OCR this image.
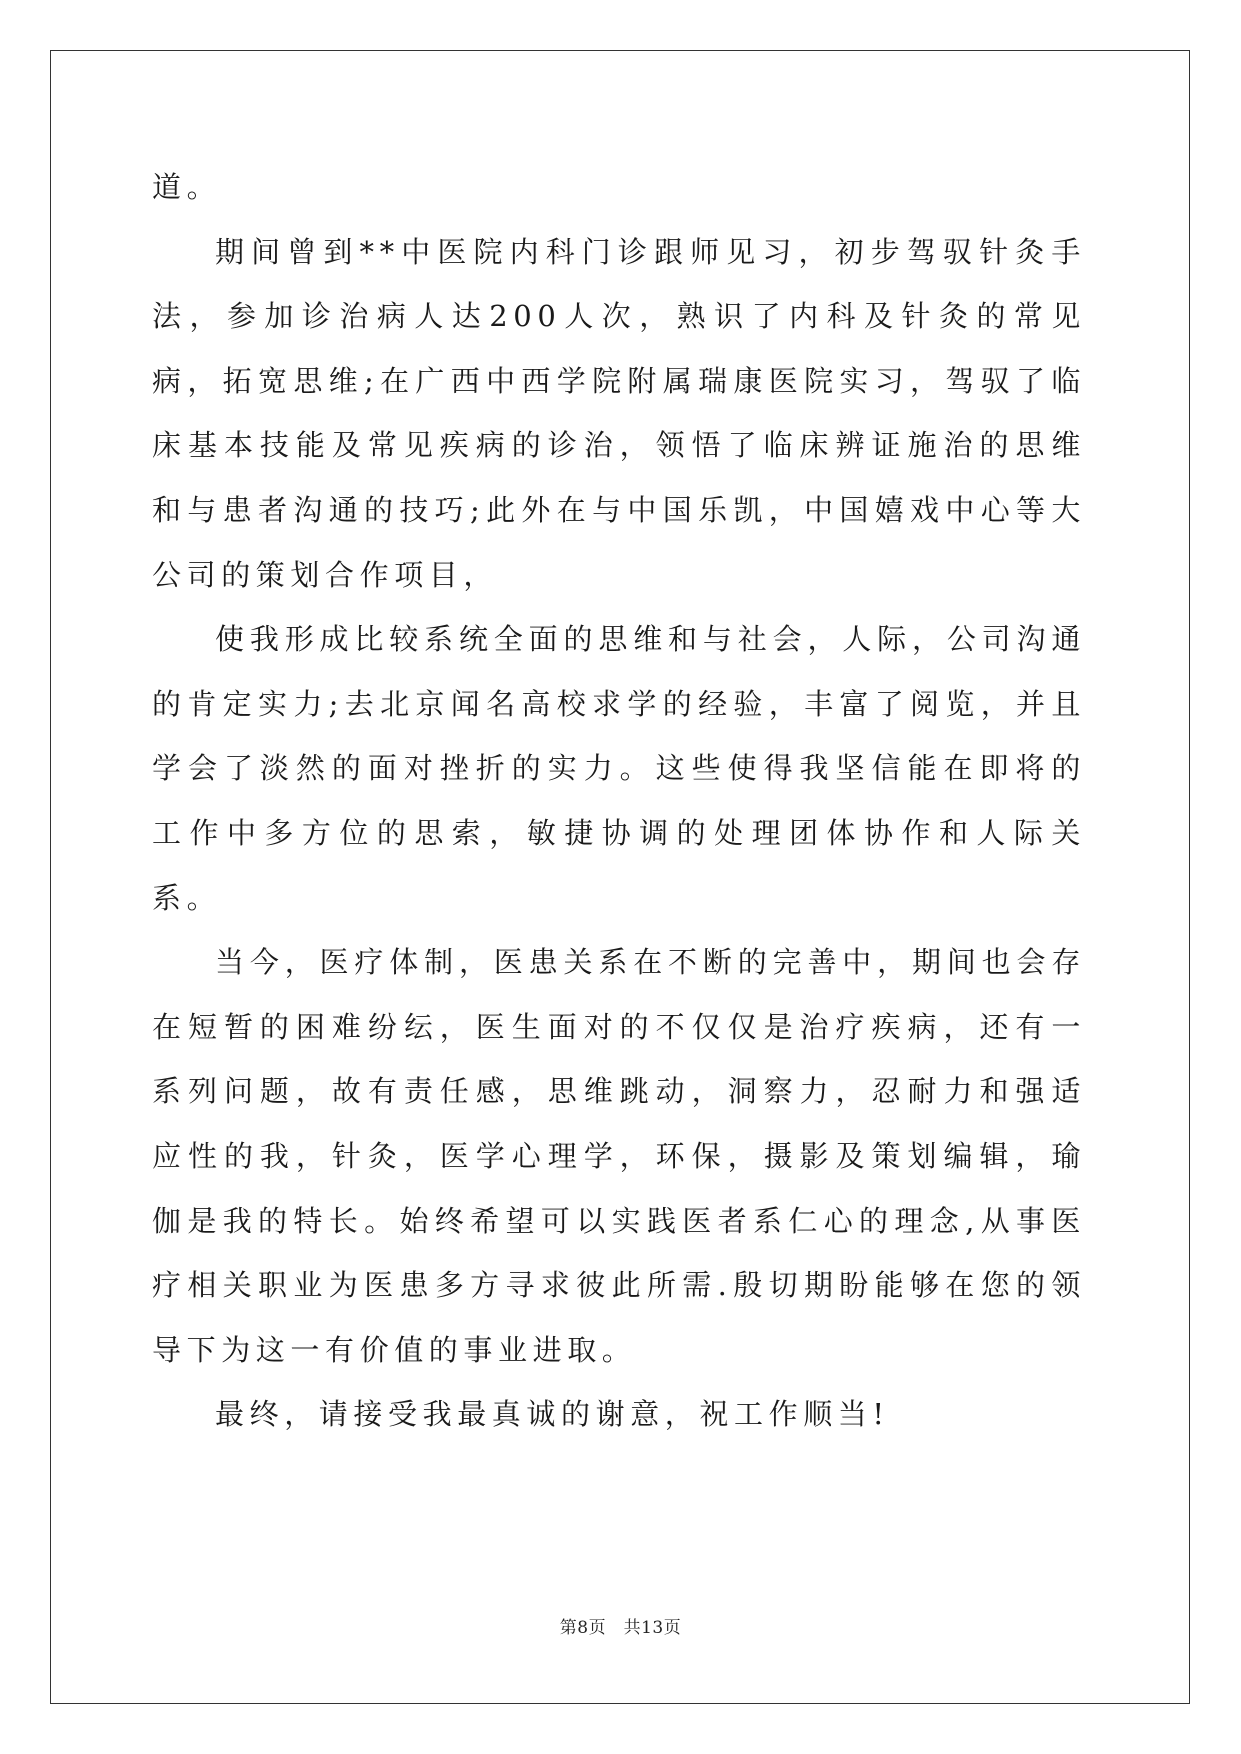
道。

期间曾到**中医院内科门诊跟师见习，初步驾驭针灸手法，参加诊治病人达200人次，熟识了内科及针灸的常见病，拓宽思维;在广西中西学院附属瑞康医院实习，驾驭了临床基本技能及常见疾病的诊治，领悟了临床辨证施治的思维和与患者沟通的技巧;此外在与中国乐凯，中国嬉戏中心等大公司的策划合作项目，

使我形成比较系统全面的思维和与社会，人际，公司沟通的肯定实力;去北京闻名高校求学的经验，丰富了阅览，并且学会了淡然的面对挫折的实力。这些使得我坚信能在即将的工作中多方位的思索，敏捷协调的处理团体协作和人际关系。

当今，医疗体制，医患关系在不断的完善中，期间也会存在短暂的困难纷纭，医生面对的不仅仅是治疗疾病，还有一系列问题，故有责任感，思维跳动，洞察力，忍耐力和强适应性的我，针灸，医学心理学，环保，摄影及策划编辑，瑜伽是我的特长。始终希望可以实践医者系仁心的理念,从事医疗相关职业为医患多方寻求彼此所需.殷切期盼能够在您的领导下为这一有价值的事业进取。

最终，请接受我最真诚的谢意，祝工作顺当!

第8页　共13页
